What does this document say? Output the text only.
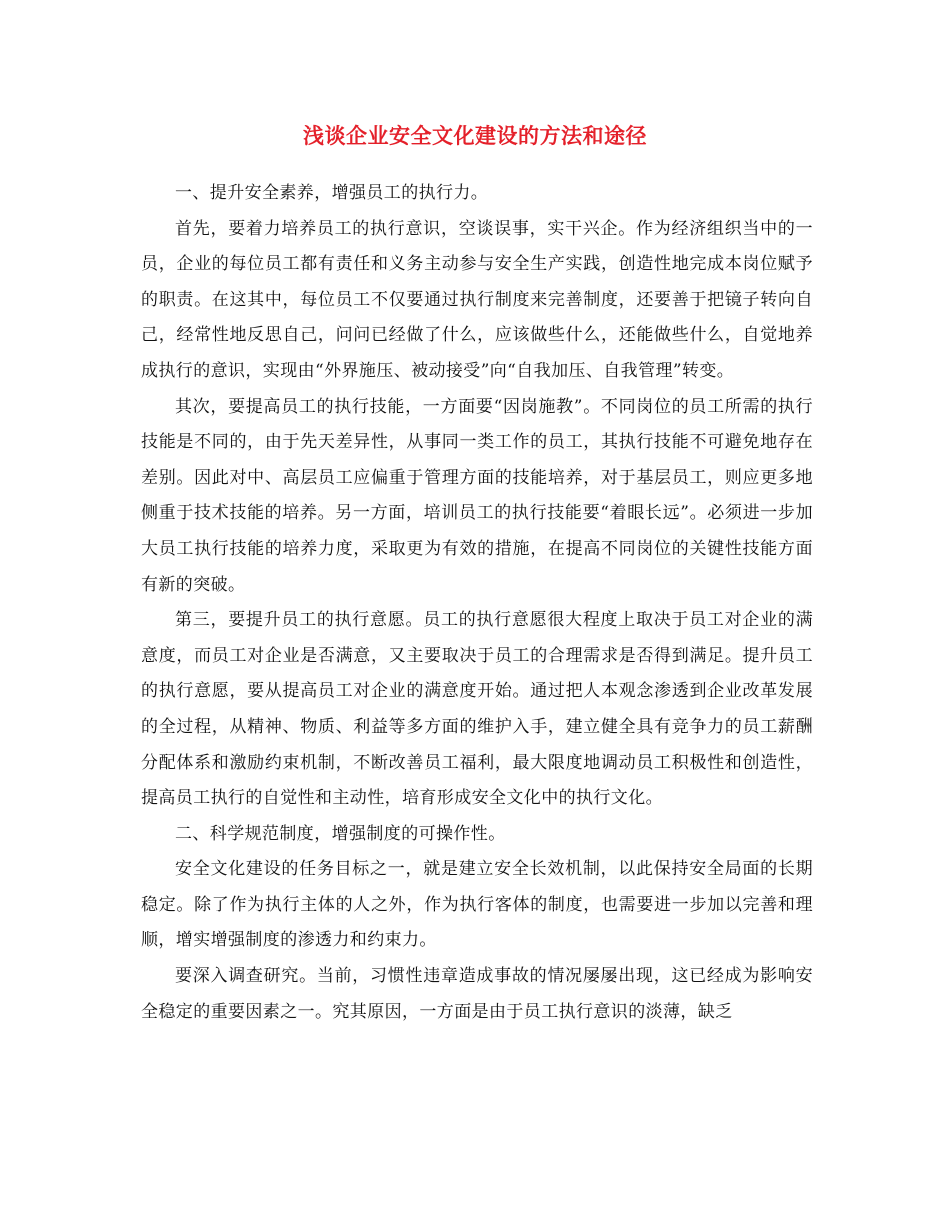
浅谈企业安全文化建设的方法和途径

一、提升安全素养，增强员工的执行力。

首先，要着力培养员工的执行意识，空谈误事，实干兴企。作为经济组织当中的一员，企业的每位员工都有责任和义务主动参与安全生产实践，创造性地完成本岗位赋予的职责。在这其中，每位员工不仅要通过执行制度来完善制度，还要善于把镜子转向自己，经常性地反思自己，问问已经做了什么，应该做些什么，还能做些什么，自觉地养成执行的意识，实现由“外界施压、被动接受”向“自我加压、自我管理”转变。

其次，要提高员工的执行技能，一方面要“因岗施教”。不同岗位的员工所需的执行技能是不同的，由于先天差异性，从事同一类工作的员工，其执行技能不可避免地存在差别。因此对中、高层员工应偏重于管理方面的技能培养，对于基层员工，则应更多地侧重于技术技能的培养。另一方面，培训员工的执行技能要“着眼长远”。必须进一步加大员工执行技能的培养力度，采取更为有效的措施，在提高不同岗位的关键性技能方面有新的突破。

第三，要提升员工的执行意愿。员工的执行意愿很大程度上取决于员工对企业的满意度，而员工对企业是否满意，又主要取决于员工的合理需求是否得到满足。提升员工的执行意愿，要从提高员工对企业的满意度开始。通过把人本观念渗透到企业改革发展的全过程，从精神、物质、利益等多方面的维护入手，建立健全具有竞争力的员工薪酬分配体系和激励约束机制，不断改善员工福利，最大限度地调动员工积极性和创造性，提高员工执行的自觉性和主动性，培育形成安全文化中的执行文化。

二、科学规范制度，增强制度的可操作性。

安全文化建设的任务目标之一，就是建立安全长效机制，以此保持安全局面的长期稳定。除了作为执行主体的人之外，作为执行客体的制度，也需要进一步加以完善和理顺，增实增强制度的渗透力和约束力。

要深入调查研究。当前，习惯性违章造成事故的情况屡屡出现，这已经成为影响安全稳定的重要因素之一。究其原因，一方面是由于员工执行意识的淡薄，缺乏
